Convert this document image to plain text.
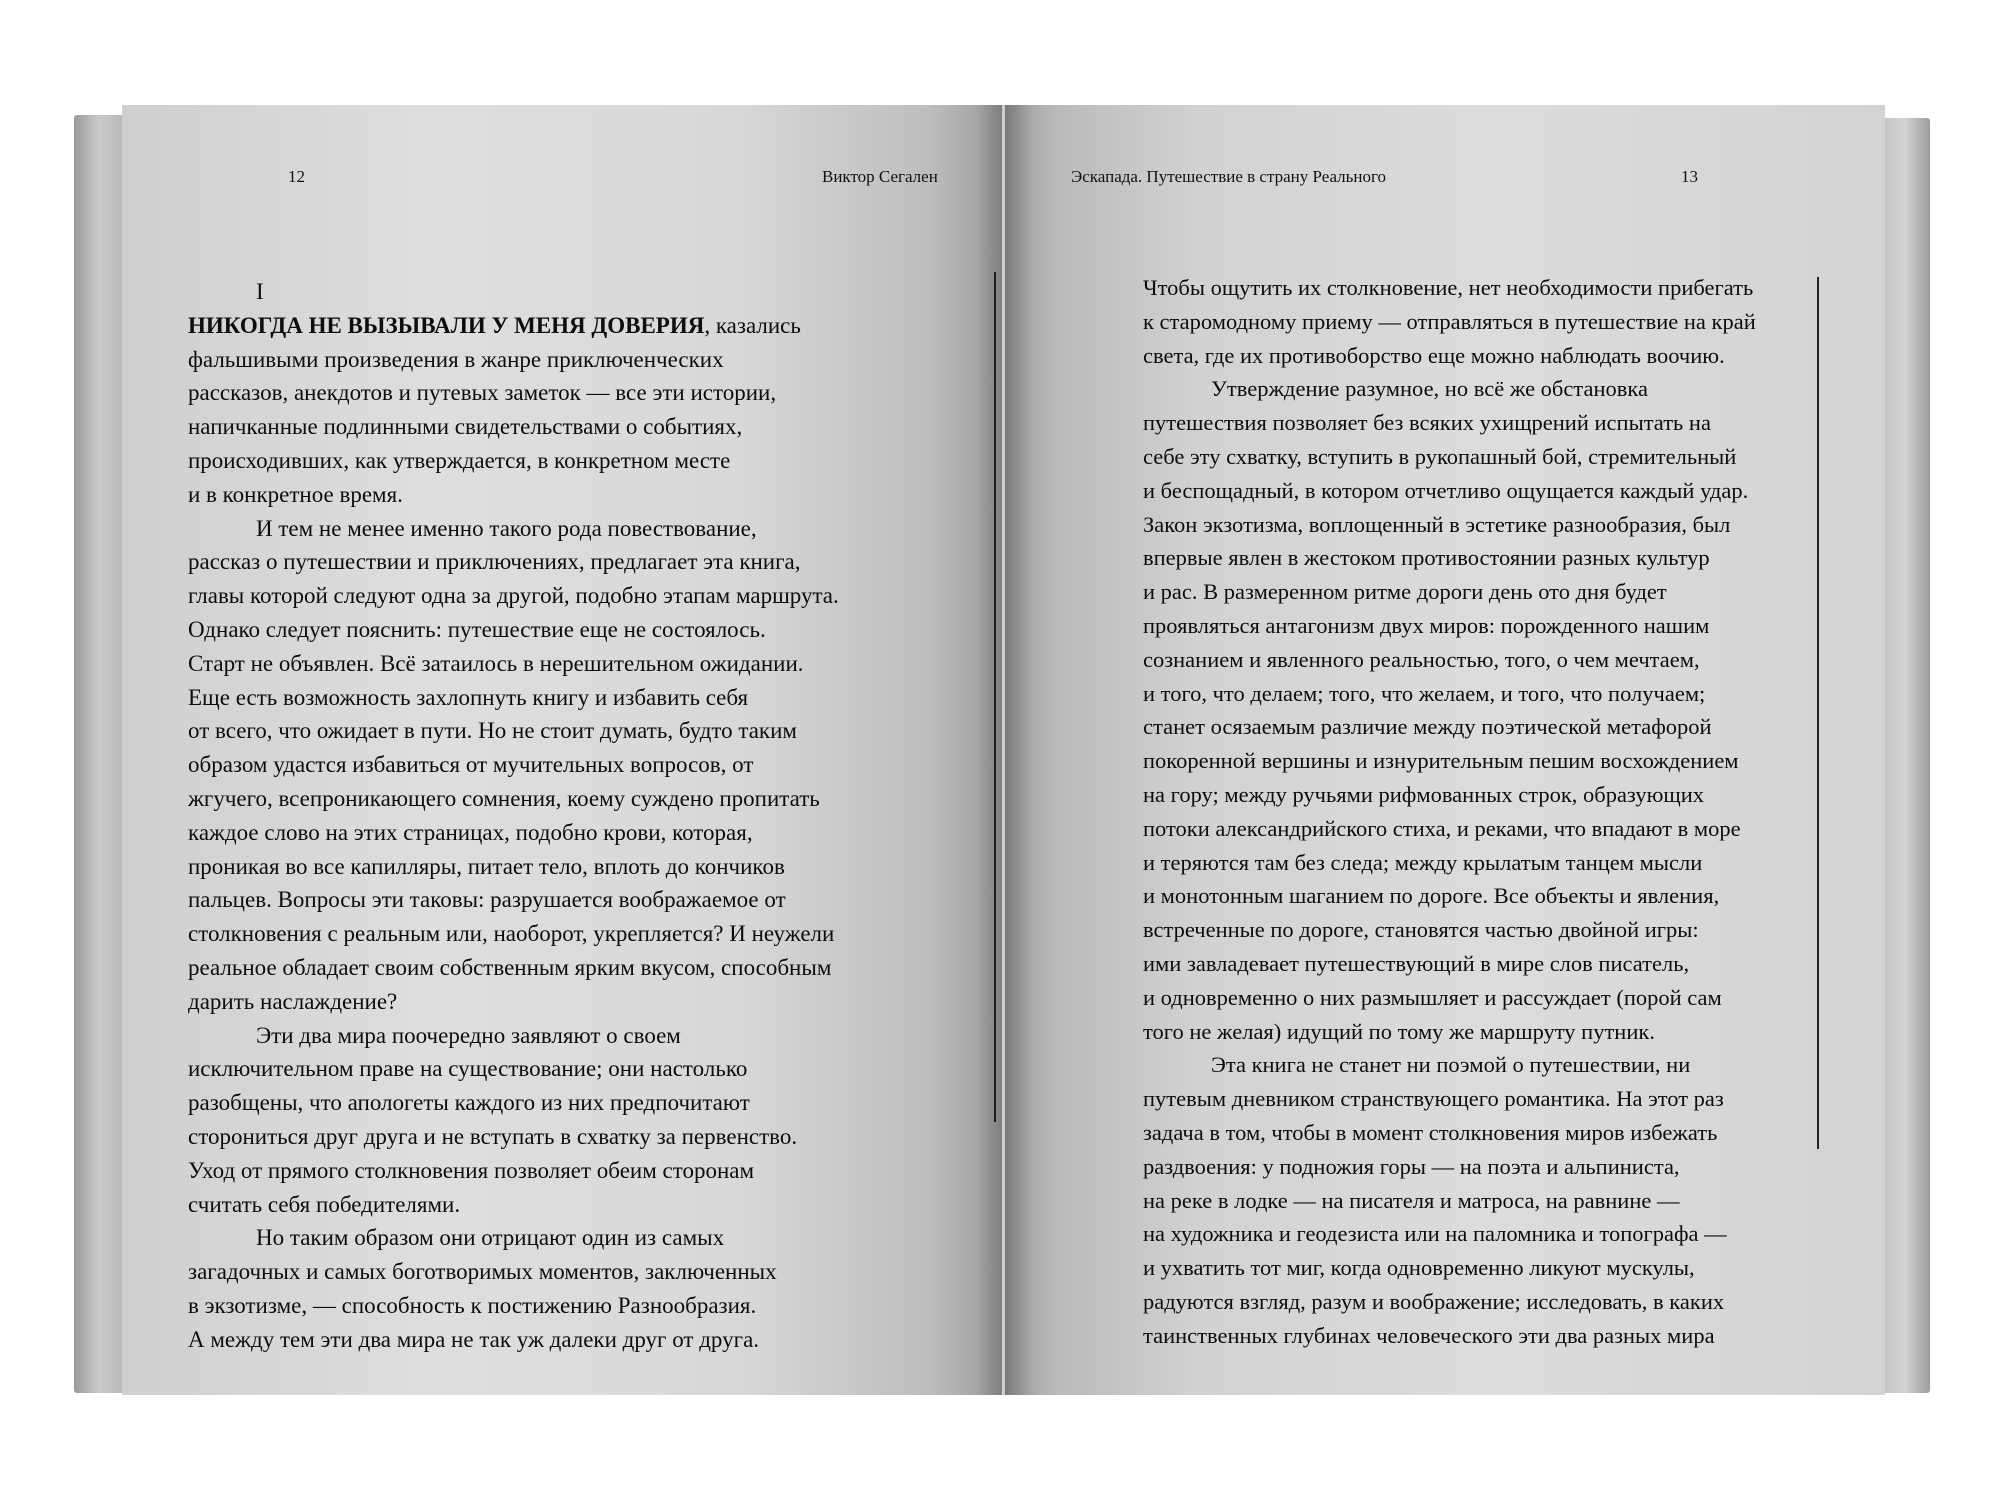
12	Виктор Сегален

I

НИКОГДА НЕ ВЫЗЫВАЛИ У МЕНЯ ДОВЕРИЯ, казались
фальшивыми произведения в жанре приключенческих
рассказов, анекдотов и путевых заметок — все эти истории,
напичканные подлинными свидетельствами о событиях,
происходивших, как утверждается, в конкретном месте
и в конкретное время.

И тем не менее именно такого рода повествование,
рассказ о путешествии и приключениях, предлагает эта книга,
главы которой следуют одна за другой, подобно этапам маршрута.
Однако следует пояснить: путешествие еще не состоялось.
Старт не объявлен. Всё затаилось в нерешительном ожидании.
Еще есть возможность захлопнуть книгу и избавить себя
от всего, что ожидает в пути. Но не стоит думать, будто таким
образом удастся избавиться от мучительных вопросов, от
жгучего, всепроникающего сомнения, коему суждено пропитать
каждое слово на этих страницах, подобно крови, которая,
проникая во все капилляры, питает тело, вплоть до кончиков
пальцев. Вопросы эти таковы: разрушается воображаемое от
столкновения с реальным или, наоборот, укрепляется? И неужели
реальное обладает своим собственным ярким вкусом, способным
дарить наслаждение?

Эти два мира поочередно заявляют о своем
исключительном праве на существование; они настолько
разобщены, что апологеты каждого из них предпочитают
сторониться друг друга и не вступать в схватку за первенство.
Уход от прямого столкновения позволяет обеим сторонам
считать себя победителями.

Но таким образом они отрицают один из самых
загадочных и самых боготворимых моментов, заключенных
в экзотизме, — способность к постижению Разнообразия.
А между тем эти два мира не так уж далеки друг от друга.

Эскапада. Путешествие в страну Реального	13

Чтобы ощутить их столкновение, нет необходимости прибегать
к старомодному приему — отправляться в путешествие на край
света, где их противоборство еще можно наблюдать воочию.

Утверждение разумное, но всё же обстановка
путешествия позволяет без всяких ухищрений испытать на
себе эту схватку, вступить в рукопашный бой, стремительный
и беспощадный, в котором отчетливо ощущается каждый удар.
Закон экзотизма, воплощенный в эстетике разнообразия, был
впервые явлен в жестоком противостоянии разных культур
и рас. В размеренном ритме дороги день ото дня будет
проявляться антагонизм двух миров: порожденного нашим
сознанием и явленного реальностью, того, о чем мечтаем,
и того, что делаем; того, что желаем, и того, что получаем;
станет осязаемым различие между поэтической метафорой
покоренной вершины и изнурительным пешим восхождением
на гору; между ручьями рифмованных строк, образующих
потоки александрийского стиха, и реками, что впадают в море
и теряются там без следа; между крылатым танцем мысли
и монотонным шаганием по дороге. Все объекты и явления,
встреченные по дороге, становятся частью двойной игры:
ими завладевает путешествующий в мире слов писатель,
и одновременно о них размышляет и рассуждает (порой сам
того не желая) идущий по тому же маршруту путник.

Эта книга не станет ни поэмой о путешествии, ни
путевым дневником странствующего романтика. На этот раз
задача в том, чтобы в момент столкновения миров избежать
раздвоения: у подножия горы — на поэта и альпиниста,
на реке в лодке — на писателя и матроса, на равнине —
на художника и геодезиста или на паломника и топографа —
и ухватить тот миг, когда одновременно ликуют мускулы,
радуются взгляд, разум и воображение; исследовать, в каких
таинственных глубинах человеческого эти два разных мира
